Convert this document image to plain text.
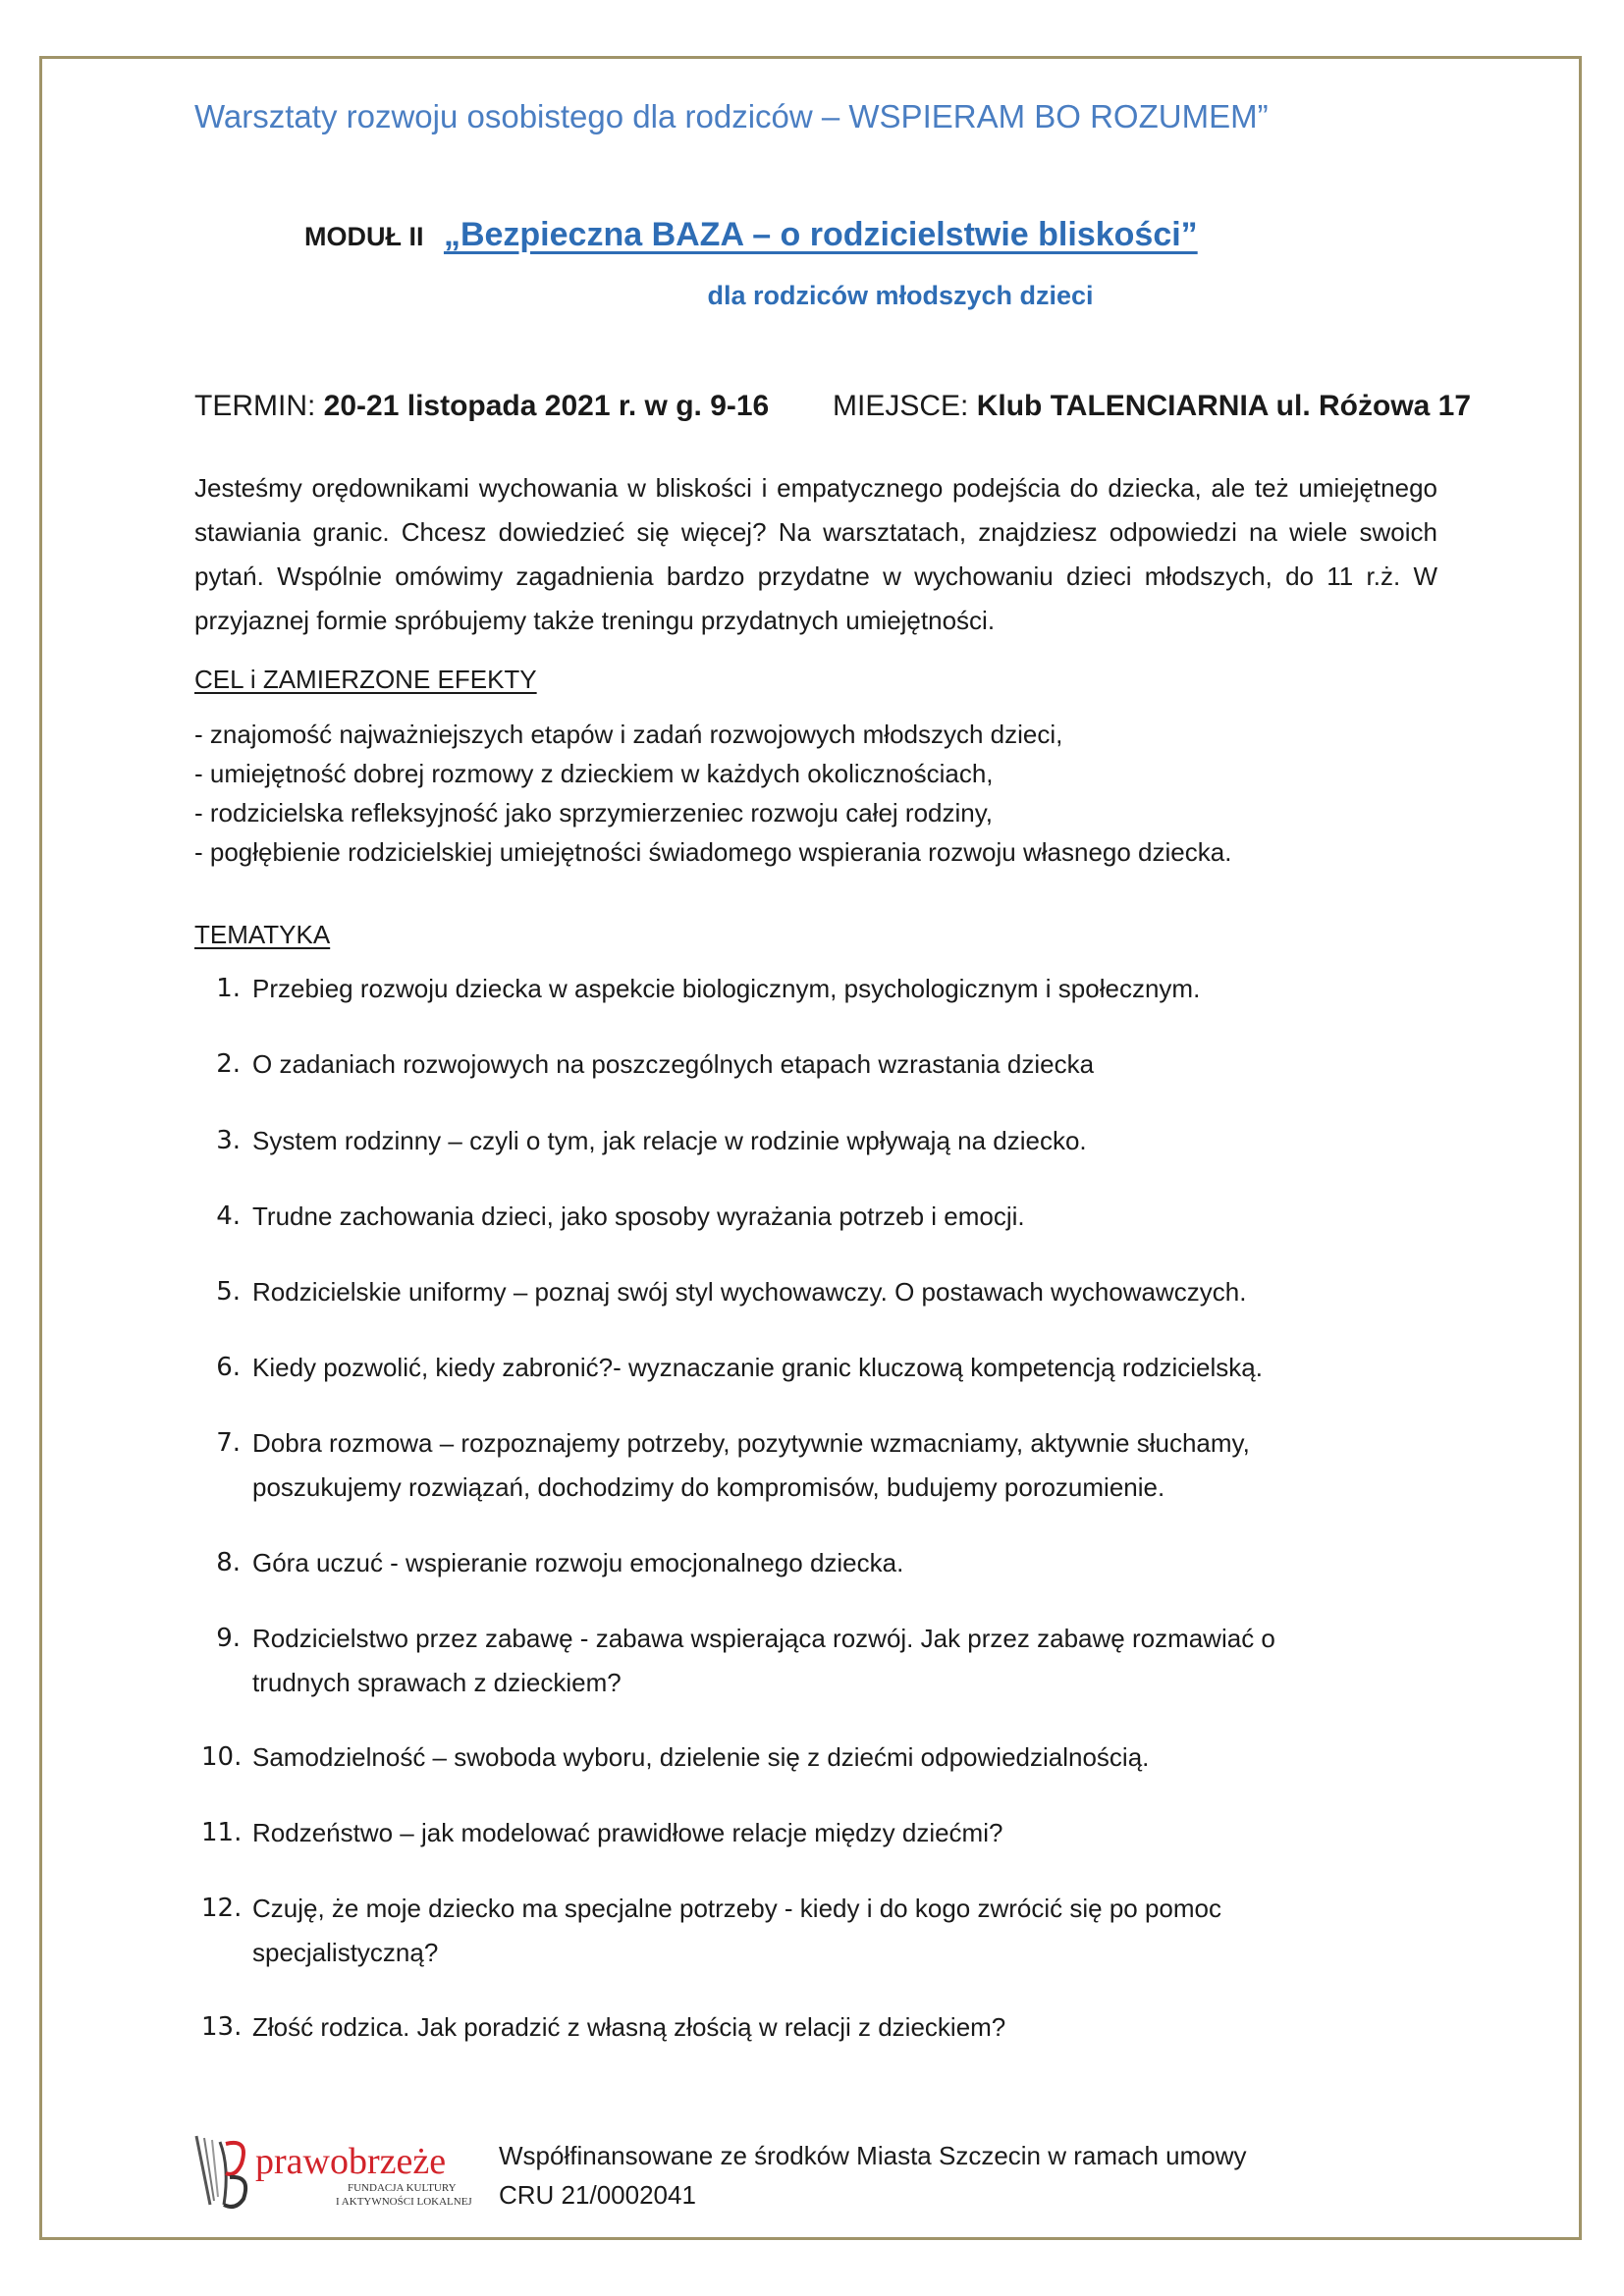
Warsztaty rozwoju osobistego dla rodziców – WSPIERAM BO ROZUMEM”
MODUŁ II „Bezpieczna BAZA – o rodzicielstwie bliskości”
dla rodziców młodszych dzieci
TERMIN: 20-21 listopada 2021 r. w g. 9-16 MIEJSCE: Klub TALENCIARNIA ul. Różowa 17
Jesteśmy orędownikami wychowania w bliskości i empatycznego podejścia do dziecka, ale też umiejętnego stawiania granic. Chcesz dowiedzieć się więcej? Na warsztatach, znajdziesz odpowiedzi na wiele swoich pytań. Wspólnie omówimy zagadnienia bardzo przydatne w wychowaniu dzieci młodszych, do 11 r.ż. W przyjaznej formie spróbujemy także treningu przydatnych umiejętności.
CEL i ZAMIERZONE EFEKTY
- znajomość najważniejszych etapów i zadań rozwojowych młodszych dzieci,
- umiejętność dobrej rozmowy z dzieckiem w każdych okolicznościach,
- rodzicielska refleksyjność jako sprzymierzeniec rozwoju całej rodziny,
- pogłębienie rodzicielskiej umiejętności świadomego wspierania rozwoju własnego dziecka.
TEMATYKA
1. Przebieg rozwoju dziecka w aspekcie biologicznym, psychologicznym i społecznym.
2. O zadaniach rozwojowych na poszczególnych etapach wzrastania dziecka
3. System rodzinny – czyli o tym, jak relacje w rodzinie wpływają na dziecko.
4. Trudne zachowania dzieci, jako sposoby wyrażania potrzeb i emocji.
5. Rodzicielskie uniformy – poznaj swój styl wychowawczy. O postawach wychowawczych.
6. Kiedy pozwolić, kiedy zabronić?- wyznaczanie granic kluczową kompetencją rodzicielską.
7. Dobra rozmowa – rozpoznajemy potrzeby, pozytywnie wzmacniamy, aktywnie słuchamy,
poszukujemy rozwiązań, dochodzimy do kompromisów, budujemy porozumienie.
8. Góra uczuć - wspieranie rozwoju emocjonalnego dziecka.
9. Rodzicielstwo przez zabawę - zabawa wspierająca rozwój. Jak przez zabawę rozmawiać o
trudnych sprawach z dzieckiem?
10. Samodzielność – swoboda wyboru, dzielenie się z dziećmi odpowiedzialnością.
11. Rodzeństwo – jak modelować prawidłowe relacje między dziećmi?
12. Czuję, że moje dziecko ma specjalne potrzeby - kiedy i do kogo zwrócić się po pomoc
specjalistyczną?
13. Złość rodzica. Jak poradzić z własną złością w relacji z dzieckiem?
prawobrzeże
FUNDACJA KULTURY
I AKTYWNOŚCI LOKALNEJ
Współfinansowane ze środków Miasta Szczecin w ramach umowy
CRU 21/0002041
